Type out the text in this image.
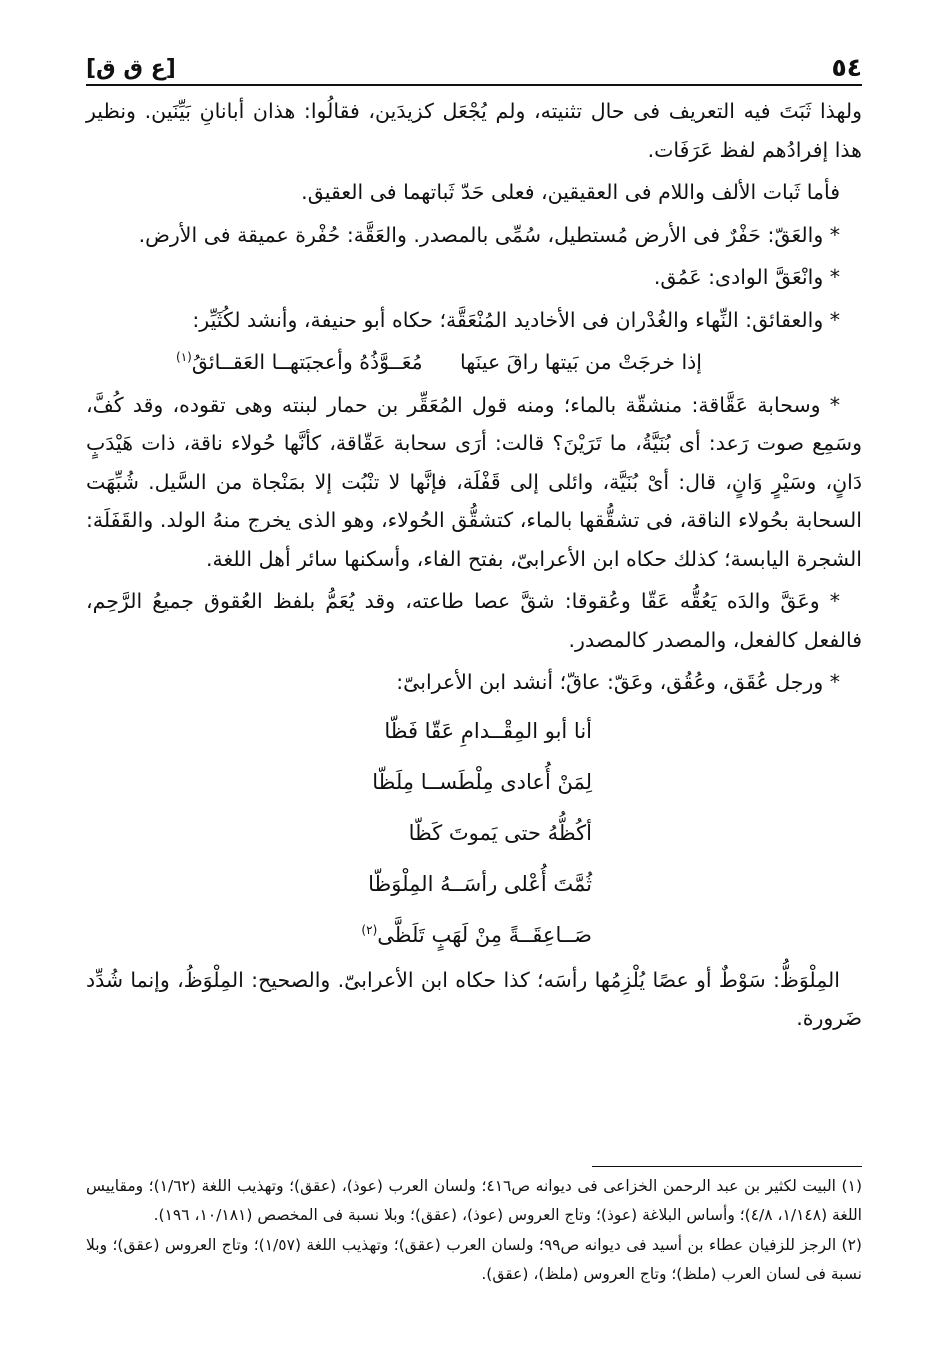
٥٤
[ع ق ق]

ولهذا ثَبَتَ فيه التعريف فى حال تثنيته، ولم يُجْعَل كزيدَين، فقالُوا: هذان أبانانِ بَيِّنَين. ونظير هذا إفرادُهم لفظ عَرَفَات.

فأما ثَبات الألف واللام فى العقيقين، فعلى حَدّ ثَباتهما فى العقيق.

* والعَقّ: حَفْرٌ فى الأرض مُستطيل، سُمِّى بالمصدر. والعَقَّة: حُفْرة عميقة فى الأرض.

* وانْعَقَّ الوادى: عَمُق.

* والعقائق: النِّهاء والغُدْران فى الأخاديد المُنْعَقَّة؛ حكاه أبو حنيفة، وأنشد لكُثَيِّر:

إذا خرجَتْ من بَيتها راقَ عينَها
مُعَــوَّذُهُ وأعجبَتهــا العَقــائقُ$^{(١)}$

* وسحابة عَقَّاقة: منشقّة بالماء؛ ومنه قول المُعَقِّر بن حمار لبنته وهى تقوده، وقد كُفَّ، وسَمِع صوت رَعد: أى بُنَيَّةُ، ما تَرَيْنَ؟ قالت: أرَى سحابة عَقّاقة، كأنَّها حُولاء ناقة، ذات هَيْدَبٍ دَانٍ، وسَيْرٍ وَانٍ، قال: أىْ بُنَيَّة، وائلى إلى قَفْلَة، فإنَّها لا تنْبُت إلا بمَنْجاة من السَّيل. شُبِّهَت السحابة بحُولاء الناقة، فى تشقُّقها بالماء، كتشقُّق الحُولاء، وهو الذى يخرج منهُ الولد. والقَفَلَة: الشجرة اليابسة؛ كذلك حكاه ابن الأعرابىّ، بفتح الفاء، وأسكنها سائر أهل اللغة.

* وعَقَّ والدَه يَعُقُّه عَقّا وعُقوقا: شقَّ عصا طاعته، وقد يُعَمُّ بلفظ العُقوق جميعُ الرَّحِم، فالفعل كالفعل، والمصدر كالمصدر.

* ورجل عُقَق، وعُقُق، وعَقّ: عاقّ؛ أنشد ابن الأعرابىّ:

أنا أبو المِقْــدامِ عَقّا فَظّا
لِمَنْ أُعادى مِلْطَســا مِلَظّا
أكُظُّهُ حتى يَموتَ كَظّا
ثُمَّتَ أُعْلى رأسَــهُ المِلْوَظّا
صَــاعِقَــةً مِنْ لَهَبٍ تَلَظَّى$^{(٢)}$

المِلْوَظُّ: سَوْطٌ أو عصًا يُلْزِمُها رأسَه؛ كذا حكاه ابن الأعرابىّ. والصحيح: المِلْوَظُ، وإنما شُدِّد ضَرورة.

(١) البيت لكثير بن عبد الرحمن الخزاعى فى ديوانه ص٤١٦؛ ولسان العرب (عوذ)، (عقق)؛ وتهذيب اللغة (١/٦٢)؛ ومقاييس اللغة (١/١٤٨، ٤/٨)؛ وأساس البلاغة (عوذ)؛ وتاج العروس (عوذ)، (عقق)؛ وبلا نسبة فى المخصص (١٠/١٨١، ١٩٦).

(٢) الرجز للزفيان عطاء بن أسيد فى ديوانه ص٩٩؛ ولسان العرب (عقق)؛ وتهذيب اللغة (١/٥٧)؛ وتاج العروس (عقق)؛ وبلا نسبة فى لسان العرب (ملظ)؛ وتاج العروس (ملظ)، (عقق).
